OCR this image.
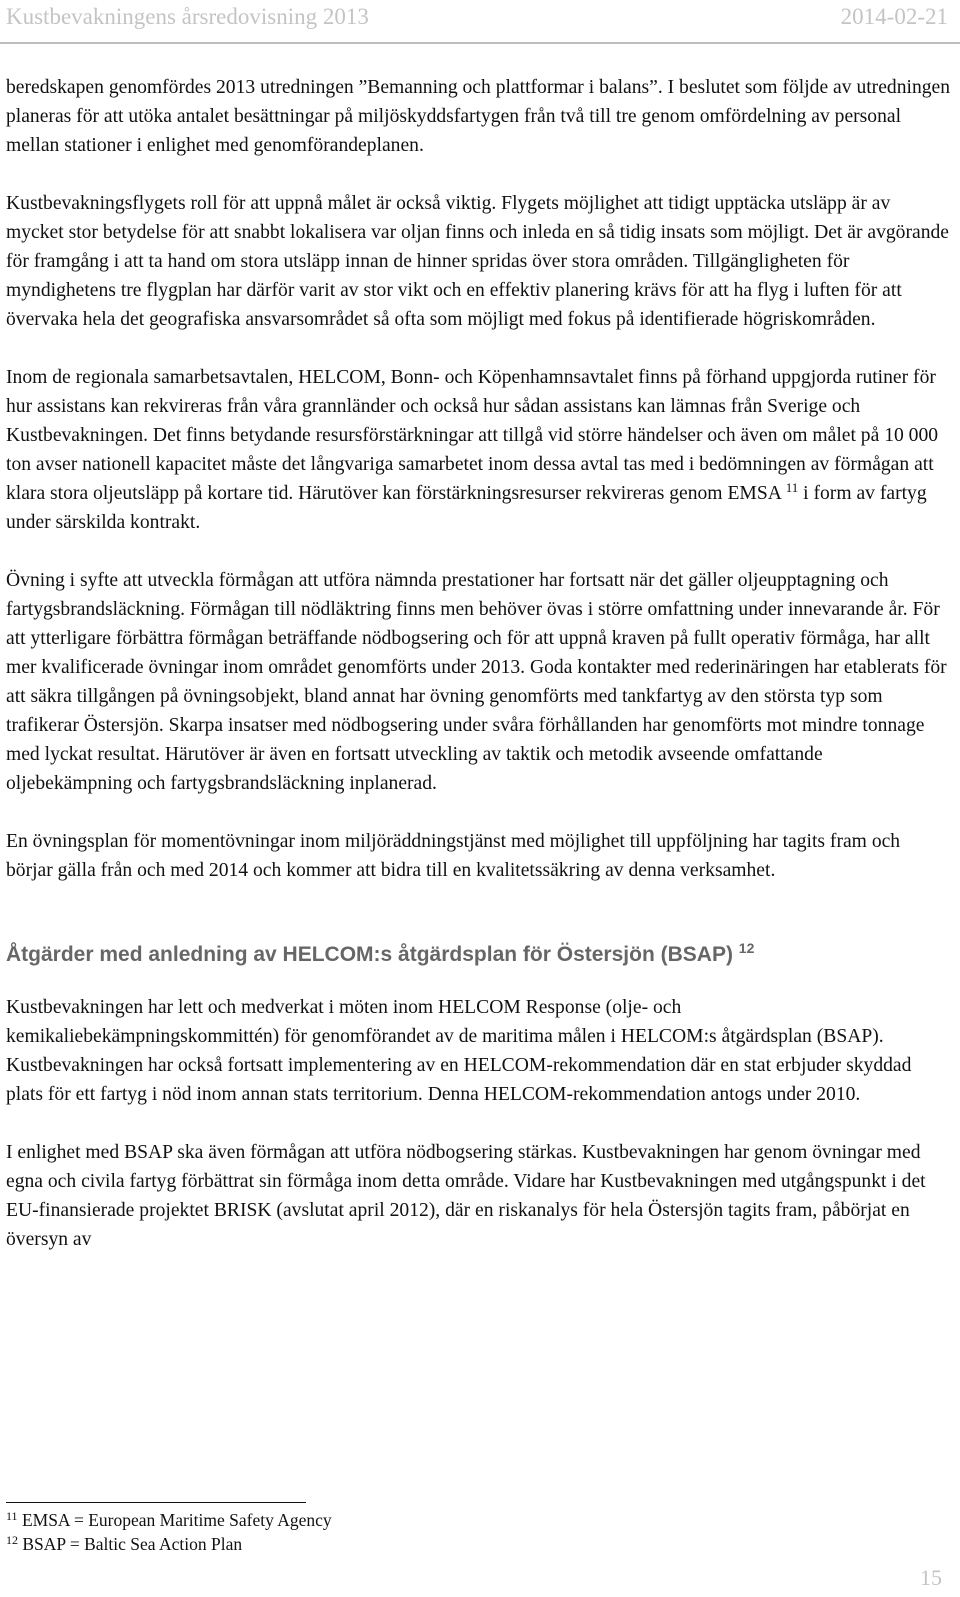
Kustbevakningens årsredovisning 2013	2014-02-21

beredskapen genomfördes 2013 utredningen ”Bemanning och plattformar i balans”. I beslutet som följde av utredningen planeras för att utöka antalet besättningar på miljöskyddsfartygen från två till tre genom omfördelning av personal mellan stationer i enlighet med genomförandeplanen.

Kustbevakningsflygets roll för att uppnå målet är också viktig. Flygets möjlighet att tidigt upptäcka utsläpp är av mycket stor betydelse för att snabbt lokalisera var oljan finns och inleda en så tidig insats som möjligt. Det är avgörande för framgång i att ta hand om stora utsläpp innan de hinner spridas över stora områden. Tillgängligheten för myndighetens tre flygplan har därför varit av stor vikt och en effektiv planering krävs för att ha flyg i luften för att övervaka hela det geografiska ansvarsområdet så ofta som möjligt med fokus på identifierade högriskområden.

Inom de regionala samarbetsavtalen, HELCOM, Bonn- och Köpenhamnsavtalet finns på förhand uppgjorda rutiner för hur assistans kan rekvireras från våra grannländer och också hur sådan assistans kan lämnas från Sverige och Kustbevakningen. Det finns betydande resursförstärkningar att tillgå vid större händelser och även om målet på 10 000 ton avser nationell kapacitet måste det långvariga samarbetet inom dessa avtal tas med i bedömningen av förmågan att klara stora oljeutsläpp på kortare tid. Härutöver kan förstärkningsresurser rekvireras genom EMSA $^{11}$ i form av fartyg under särskilda kontrakt.

Övning i syfte att utveckla förmågan att utföra nämnda prestationer har fortsatt när det gäller oljeupptagning och fartygsbrandsläckning. Förmågan till nödläktring finns men behöver övas i större omfattning under innevarande år. För att ytterligare förbättra förmågan beträffande nödbogsering och för att uppnå kraven på fullt operativ förmåga, har allt mer kvalificerade övningar inom området genomförts under 2013. Goda kontakter med rederinäringen har etablerats för att säkra tillgången på övningsobjekt, bland annat har övning genomförts med tankfartyg av den största typ som trafikerar Östersjön. Skarpa insatser med nödbogsering under svåra förhållanden har genomförts mot mindre tonnage med lyckat resultat. Härutöver är även en fortsatt utveckling av taktik och metodik avseende omfattande oljebekämpning och fartygsbrandsläckning inplanerad.

En övningsplan för momentövningar inom miljöräddningstjänst med möjlighet till uppföljning har tagits fram och börjar gälla från och med 2014 och kommer att bidra till en kvalitetssäkring av denna verksamhet.

Åtgärder med anledning av HELCOM:s åtgärdsplan för Östersjön (BSAP) $^{12}$

Kustbevakningen har lett och medverkat i möten inom HELCOM Response (olje- och kemikaliebekämpningskommittén) för genomförandet av de maritima målen i HELCOM:s åtgärdsplan (BSAP). Kustbevakningen har också fortsatt implementering av en HELCOM-rekommendation där en stat erbjuder skyddad plats för ett fartyg i nöd inom annan stats territorium. Denna HELCOM-rekommendation antogs under 2010.

I enlighet med BSAP ska även förmågan att utföra nödbogsering stärkas. Kustbevakningen har genom övningar med egna och civila fartyg förbättrat sin förmåga inom detta område. Vidare har Kustbevakningen med utgångspunkt i det EU-finansierade projektet BRISK (avslutat april 2012), där en riskanalys för hela Östersjön tagits fram, påbörjat en översyn av

$^{11}$ EMSA = European Maritime Safety Agency
$^{12}$ BSAP = Baltic Sea Action Plan
15
